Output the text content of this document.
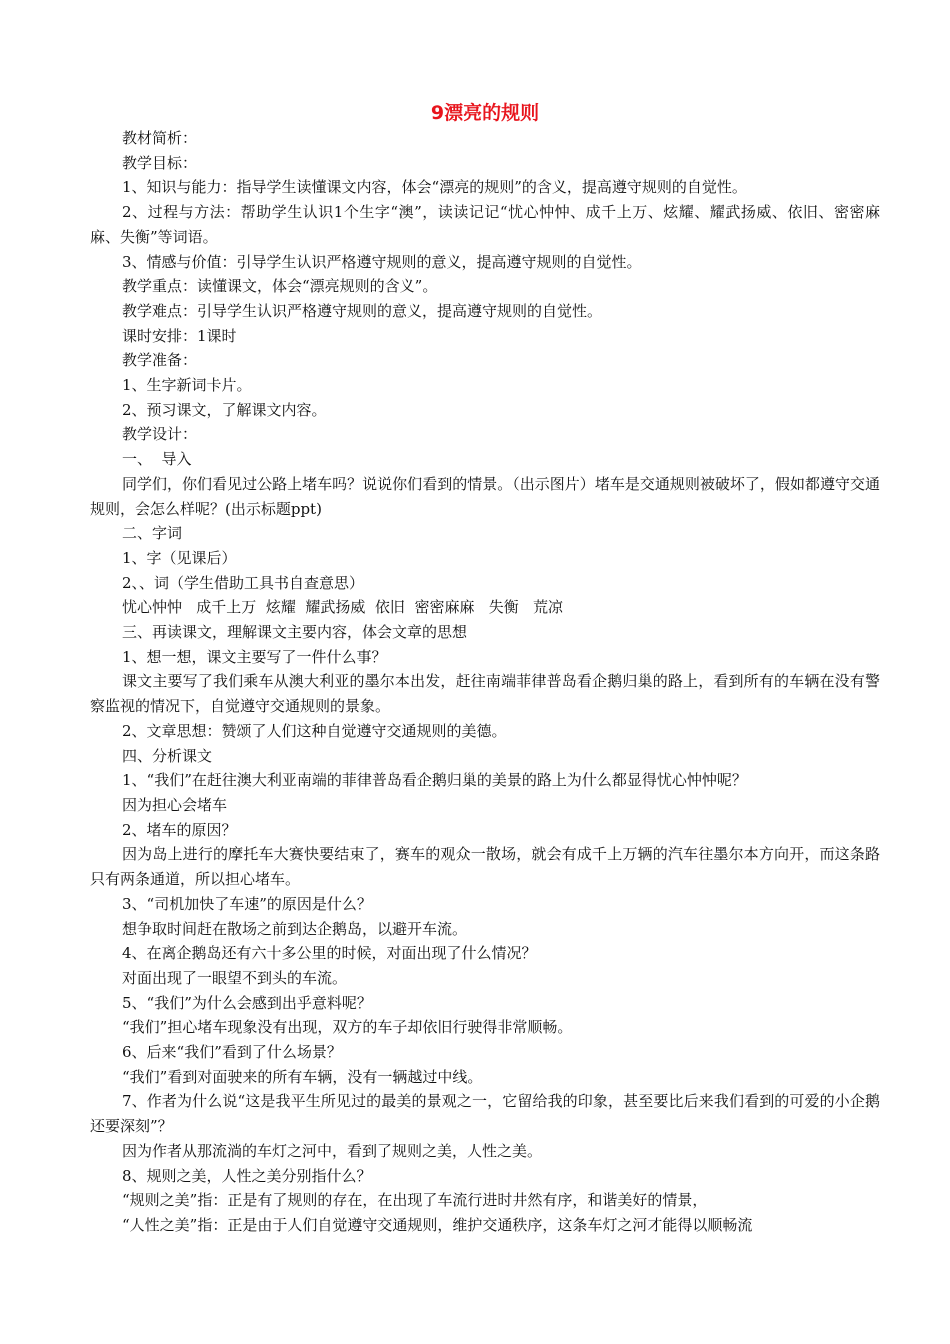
9漂亮的规则

教材简析：

教学目标：

1、知识与能力：指导学生读懂课文内容，体会“漂亮的规则”的含义，提高遵守规则的自觉性。

2、过程与方法：帮助学生认识1个生字“澳”，读读记记“忧心忡忡、成千上万、炫耀、耀武扬威、依旧、密密麻麻、失衡”等词语。

3、情感与价值：引导学生认识严格遵守规则的意义，提高遵守规则的自觉性。

教学重点：读懂课文，体会“漂亮规则的含义”。

教学难点：引导学生认识严格遵守规则的意义，提高遵守规则的自觉性。

课时安排：1课时

教学准备：

1、生字新词卡片。

2、预习课文，了解课文内容。

教学设计：

一、  导入

同学们，你们看见过公路上堵车吗？说说你们看到的情景。（出示图片）堵车是交通规则被破坏了，假如都遵守交通规则，会怎么样呢？(出示标题ppt)

二、字词

1、字（见课后）

2、、词（学生借助工具书自查意思）

忧心忡忡   成千上万  炫耀  耀武扬威  依旧  密密麻麻   失衡   荒凉

三、再读课文，理解课文主要内容，体会文章的思想

1、想一想，课文主要写了一件什么事？

课文主要写了我们乘车从澳大利亚的墨尔本出发，赶往南端菲律普岛看企鹅归巢的路上，看到所有的车辆在没有警察监视的情况下，自觉遵守交通规则的景象。

2、文章思想：赞颂了人们这种自觉遵守交通规则的美德。

四、分析课文

1、“我们”在赶往澳大利亚南端的菲律普岛看企鹅归巢的美景的路上为什么都显得忧心忡忡呢？

因为担心会堵车

2、堵车的原因？

因为岛上进行的摩托车大赛快要结束了，赛车的观众一散场，就会有成千上万辆的汽车往墨尔本方向开，而这条路只有两条通道，所以担心堵车。

3、“司机加快了车速”的原因是什么？

想争取时间赶在散场之前到达企鹅岛，以避开车流。

4、在离企鹅岛还有六十多公里的时候，对面出现了什么情况？

对面出现了一眼望不到头的车流。

5、“我们”为什么会感到出乎意料呢？

“我们”担心堵车现象没有出现，双方的车子却依旧行驶得非常顺畅。

6、后来“我们”看到了什么场景？

“我们”看到对面驶来的所有车辆，没有一辆越过中线。

7、作者为什么说“这是我平生所见过的最美的景观之一，它留给我的印象，甚至要比后来我们看到的可爱的小企鹅还要深刻”？

因为作者从那流淌的车灯之河中，看到了规则之美，人性之美。

8、规则之美，人性之美分别指什么？

“规则之美”指：正是有了规则的存在，在出现了车流行进时井然有序，和谐美好的情景，

“人性之美”指：正是由于人们自觉遵守交通规则，维护交通秩序，这条车灯之河才能得以顺畅流
